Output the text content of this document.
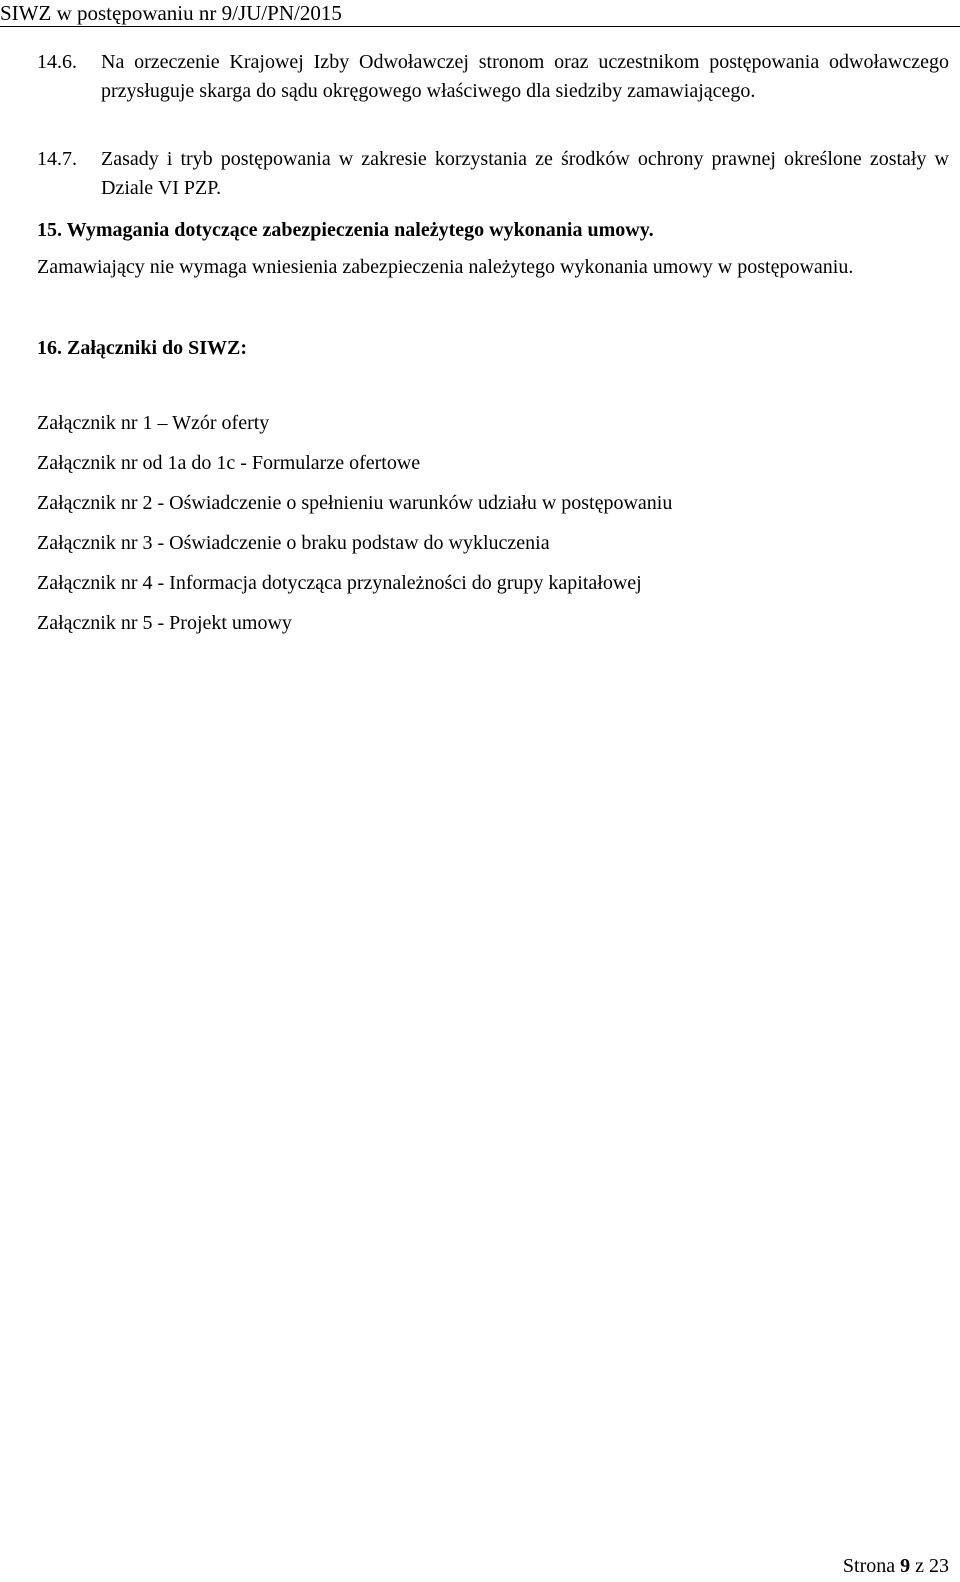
SIWZ w postępowaniu nr 9/JU/PN/2015
14.6.	Na orzeczenie Krajowej Izby Odwoławczej stronom oraz uczestnikom postępowania odwoławczego przysługuje skarga do sądu okręgowego właściwego dla siedziby zamawiającego.
14.7.	Zasady i tryb postępowania w zakresie korzystania ze środków ochrony prawnej określone zostały w Dziale VI PZP.
15. Wymagania dotyczące zabezpieczenia należytego wykonania umowy.
Zamawiający nie wymaga wniesienia zabezpieczenia należytego wykonania umowy w postępowaniu.
16. Załączniki do SIWZ:
Załącznik nr 1 – Wzór oferty
Załącznik nr od 1a do 1c - Formularze ofertowe
Załącznik nr 2 - Oświadczenie o spełnieniu warunków udziału w postępowaniu
Załącznik nr 3 - Oświadczenie o braku podstaw do wykluczenia
Załącznik nr 4 - Informacja dotycząca przynależności do grupy kapitałowej
Załącznik nr 5 - Projekt umowy
Strona 9 z 23
